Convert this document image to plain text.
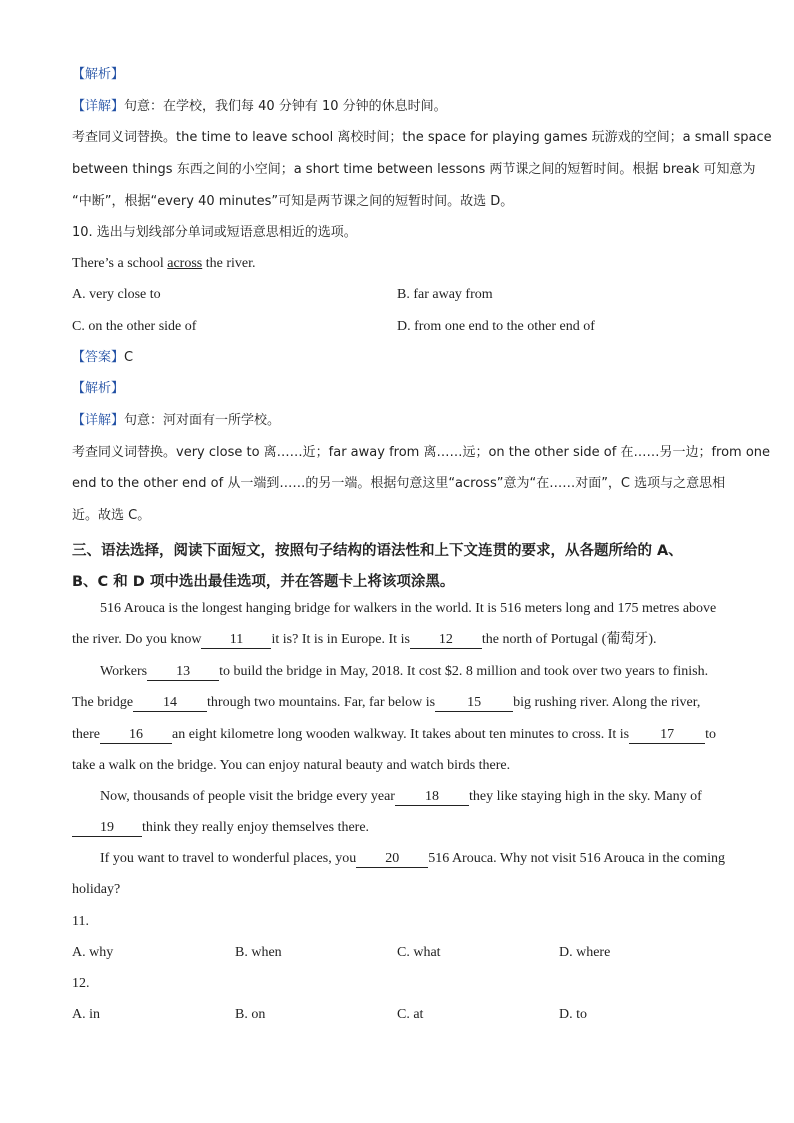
【解析】
【详解】句意：在学校，我们每 40 分钟有 10 分钟的休息时间。
考查同义词替换。the time to leave school 离校时间；the space for playing games 玩游戏的空间；a small space
between things 东西之间的小空间；a short time between lessons 两节课之间的短暂时间。根据 break 可知意为
“中断”，根据“every 40 minutes”可知是两节课之间的短暂时间。故选 D。
10. 选出与划线部分单词或短语意思相近的选项。
There’s a school across the river.
A. very close to	B. far away from
C. on the other side of	D. from one end to the other end of
【答案】C
【解析】
【详解】句意：河对面有一所学校。
考查同义词替换。very close to 离……近；far away from 离……远；on the other side of 在……另一边；from one
end to the other end of 从一端到……的另一端。根据句意这里“across”意为“在……对面”，C 选项与之意思相
近。故选 C。
三、语法选择，阅读下面短文，按照句子结构的语法性和上下文连贯的要求，从各题所给的 A、
B、C 和 D 项中选出最佳选项，并在答题卡上将该项涂黑。
516 Arouca is the longest hanging bridge for walkers in the world. It is 516 meters long and 175 metres above
the river. Do you know 11 it is? It is in Europe. It is 12 the north of Portugal (葡萄牙).
Workers 13 to build the bridge in May, 2018. It cost $2. 8 million and took over two years to finish.
The bridge 14 through two mountains. Far, far below is 15 big rushing river. Along the river,
there 16 an eight kilometre long wooden walkway. It takes about ten minutes to cross. It is 17 to
take a walk on the bridge. You can enjoy natural beauty and watch birds there.
Now, thousands of people visit the bridge every year 18 they like staying high in the sky. Many of
19 think they really enjoy themselves there.
If you want to travel to wonderful places, you 20 516 Arouca. Why not visit 516 Arouca in the coming
holiday?
11.
A. why	B. when	C. what	D. where
12.
A. in	B. on	C. at	D. to
